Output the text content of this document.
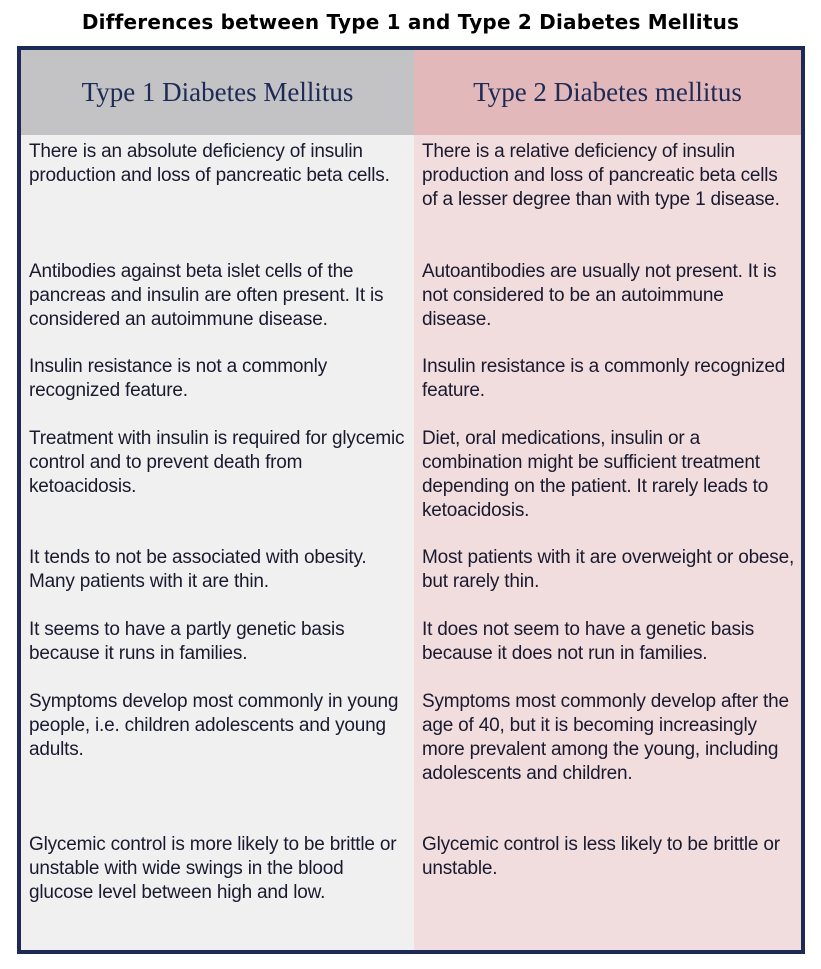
Differences between Type 1 and Type 2 Diabetes Mellitus
Type 1 Diabetes Mellitus
There is an absolute deficiency of insulin production and loss of pancreatic beta cells.
Antibodies against beta islet cells of the pancreas and insulin are often present. It is considered an autoimmune disease.
Insulin resistance is not a commonly recognized feature.
Treatment with insulin is required for glycemic control and to prevent death from ketoacidosis.
It tends to not be associated with obesity. Many patients with it are thin.
It seems to have a partly genetic basis because it runs in families.
Symptoms develop most commonly in young people, i.e. children adolescents and young adults.
Glycemic control is more likely to be brittle or unstable with wide swings in the blood glucose level between high and low.
Type 2 Diabetes mellitus
There is a relative deficiency of insulin production and loss of pancreatic beta cells of a lesser degree than with type 1 disease.
Autoantibodies are usually not present. It is not considered to be an autoimmune disease.
Insulin resistance is a commonly recognized feature.
Diet, oral medications, insulin or a combination might be sufficient treatment depending on the patient. It rarely leads to ketoacidosis.
Most patients with it are overweight or obese, but rarely thin.
It does not seem to have a genetic basis because it does not run in families.
Symptoms most commonly develop after the age of 40, but it is becoming increasingly more prevalent among the young, including adolescents and children.
Glycemic control is less likely to be brittle or unstable.
